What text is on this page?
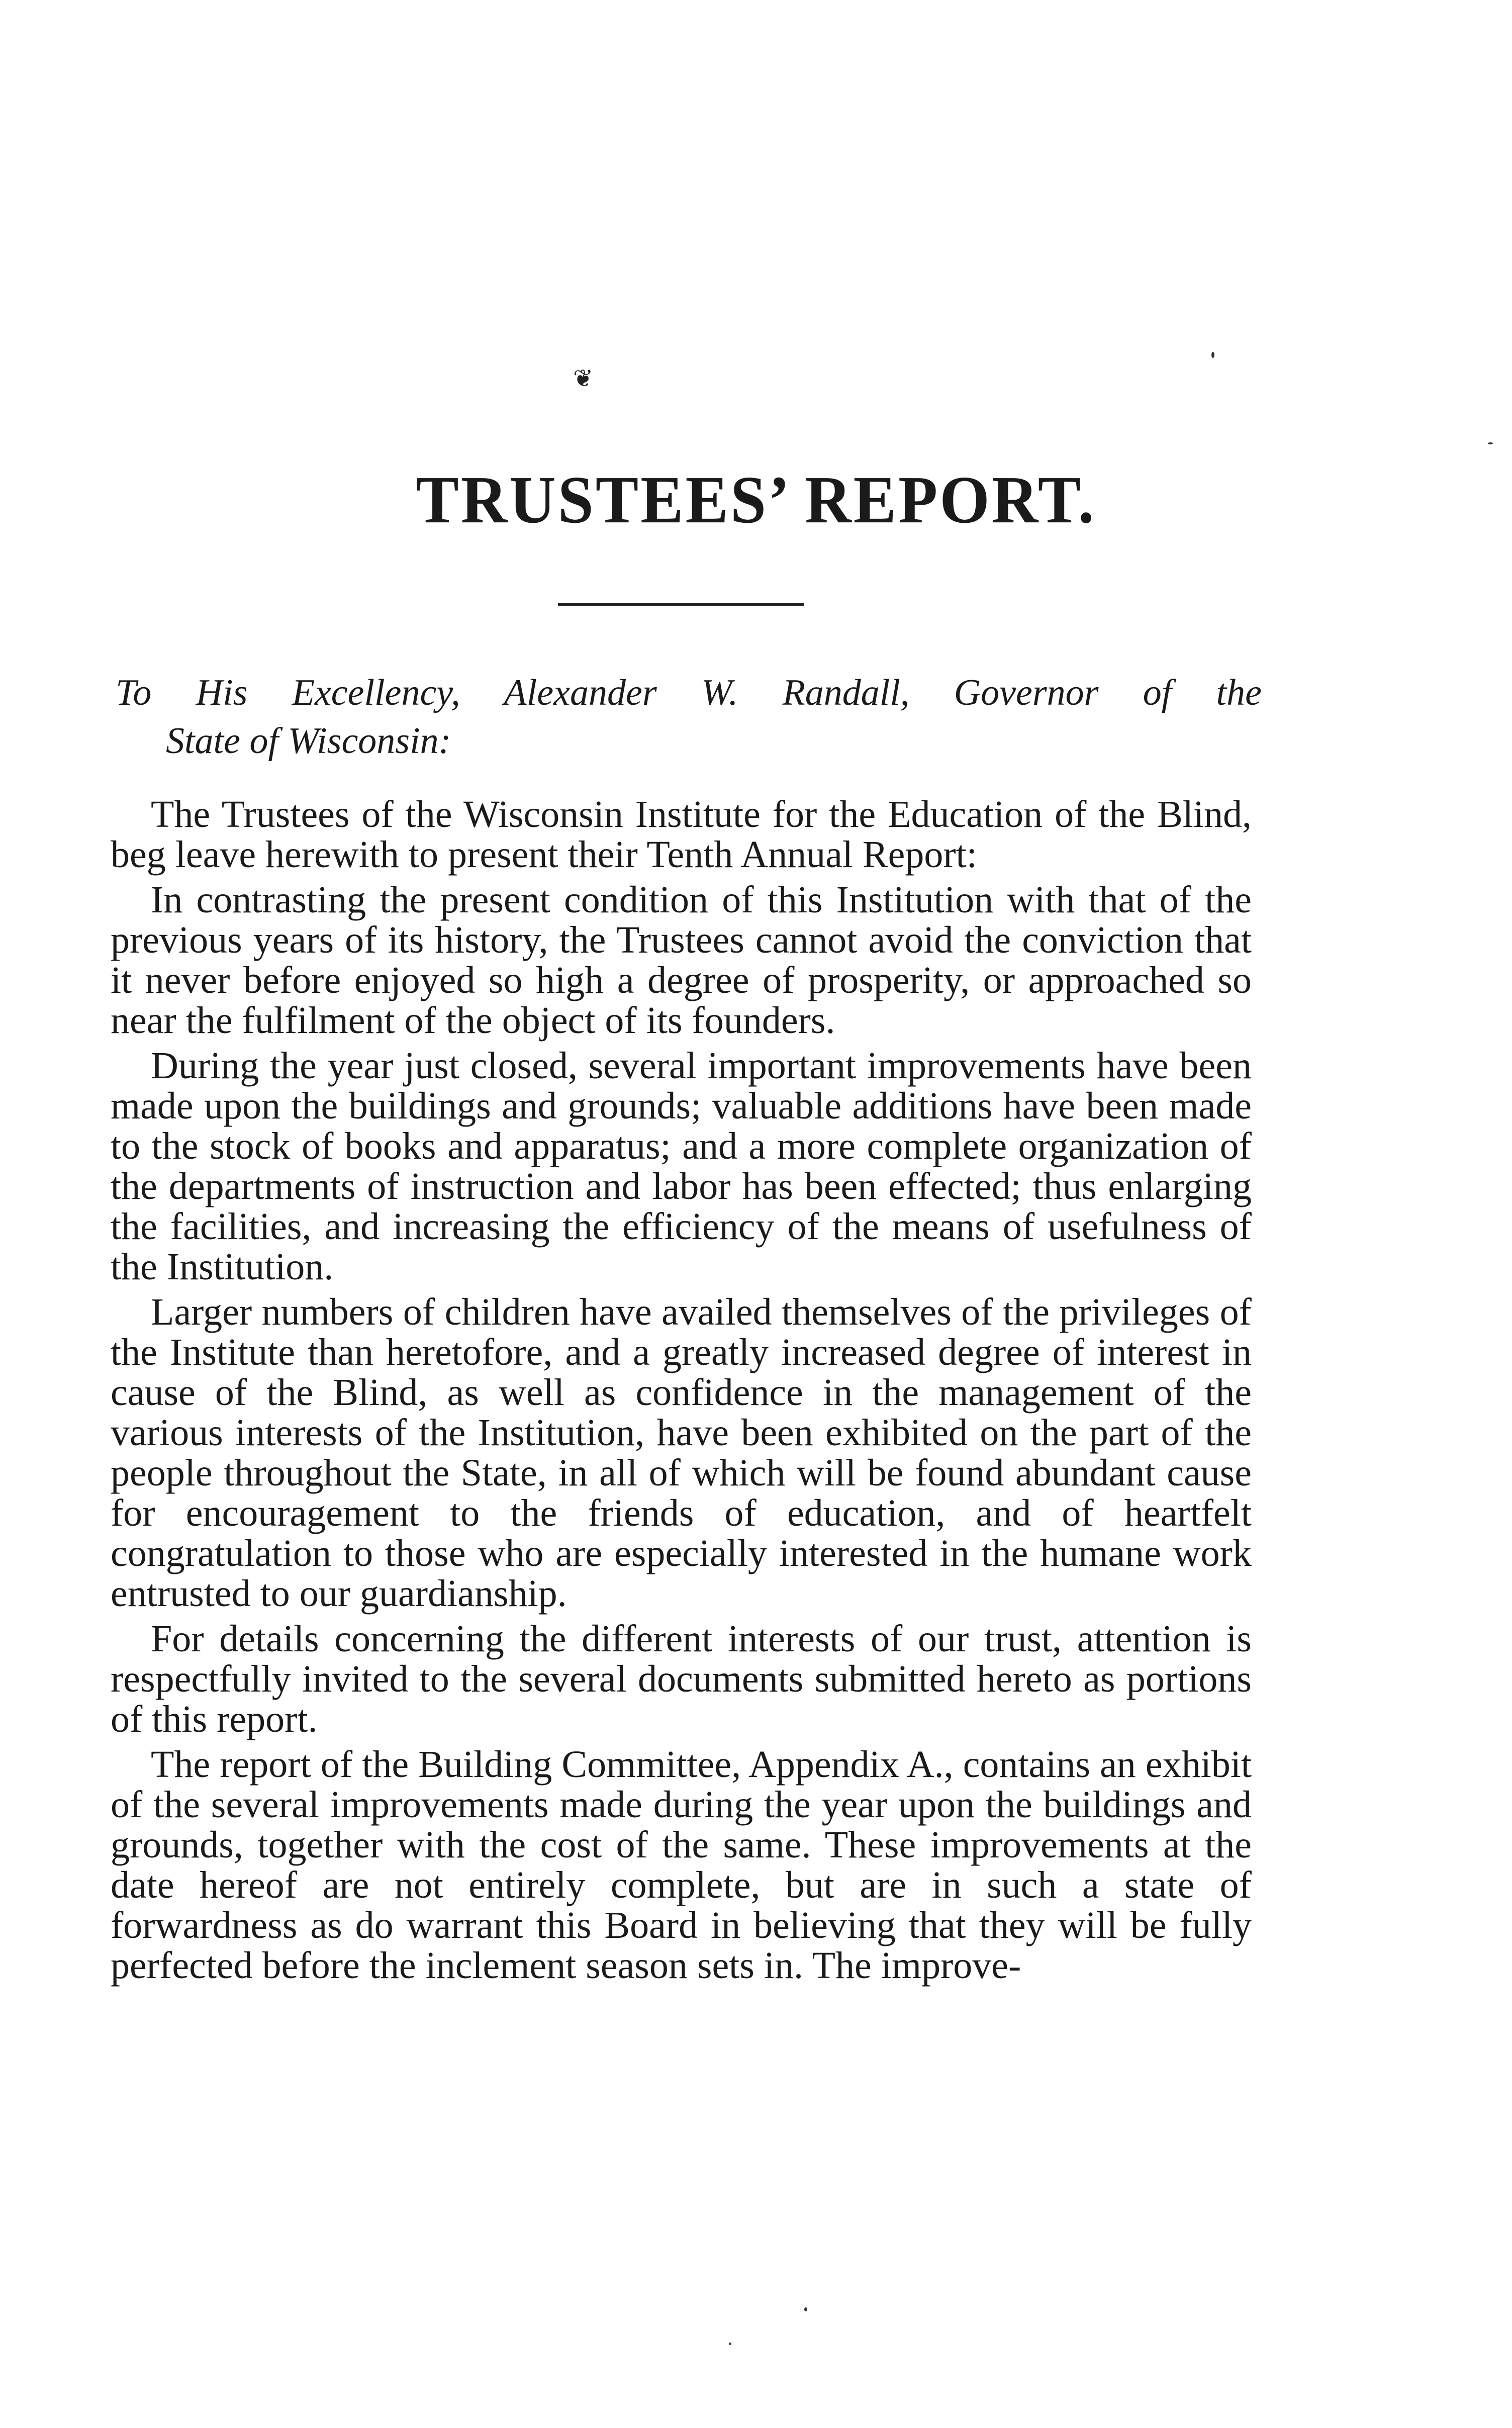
❦
TRUSTEES’ REPORT.
To His Excellency, Alexander W. Randall, Governor of the
State of Wisconsin:

The Trustees of the Wisconsin Institute for the Education of the Blind, beg leave herewith to present their Tenth Annual Report:

In contrasting the present condition of this Institution with that of the previous years of its history, the Trustees cannot avoid the conviction that it never before enjoyed so high a degree of prosperity, or approached so near the fulfilment of the object of its founders.

During the year just closed, several important improvements have been made upon the buildings and grounds; valuable additions have been made to the stock of books and apparatus; and a more complete organization of the departments of instruction and labor has been effected; thus enlarging the facilities, and increasing the efficiency of the means of usefulness of the Institution.

Larger numbers of children have availed themselves of the privileges of the Institute than heretofore, and a greatly increased degree of interest in cause of the Blind, as well as confidence in the management of the various interests of the Institution, have been exhibited on the part of the people throughout the State, in all of which will be found abundant cause for encouragement to the friends of education, and of heartfelt congratulation to those who are especially interested in the humane work entrusted to our guardianship.

For details concerning the different interests of our trust, attention is respectfully invited to the several documents submitted hereto as portions of this report.

The report of the Building Committee, Appendix A., contains an exhibit of the several improvements made during the year upon the buildings and grounds, together with the cost of the same. These improvements at the date hereof are not entirely complete, but are in such a state of forwardness as do warrant this Board in believing that they will be fully perfected before the inclement season sets in. The improve-
